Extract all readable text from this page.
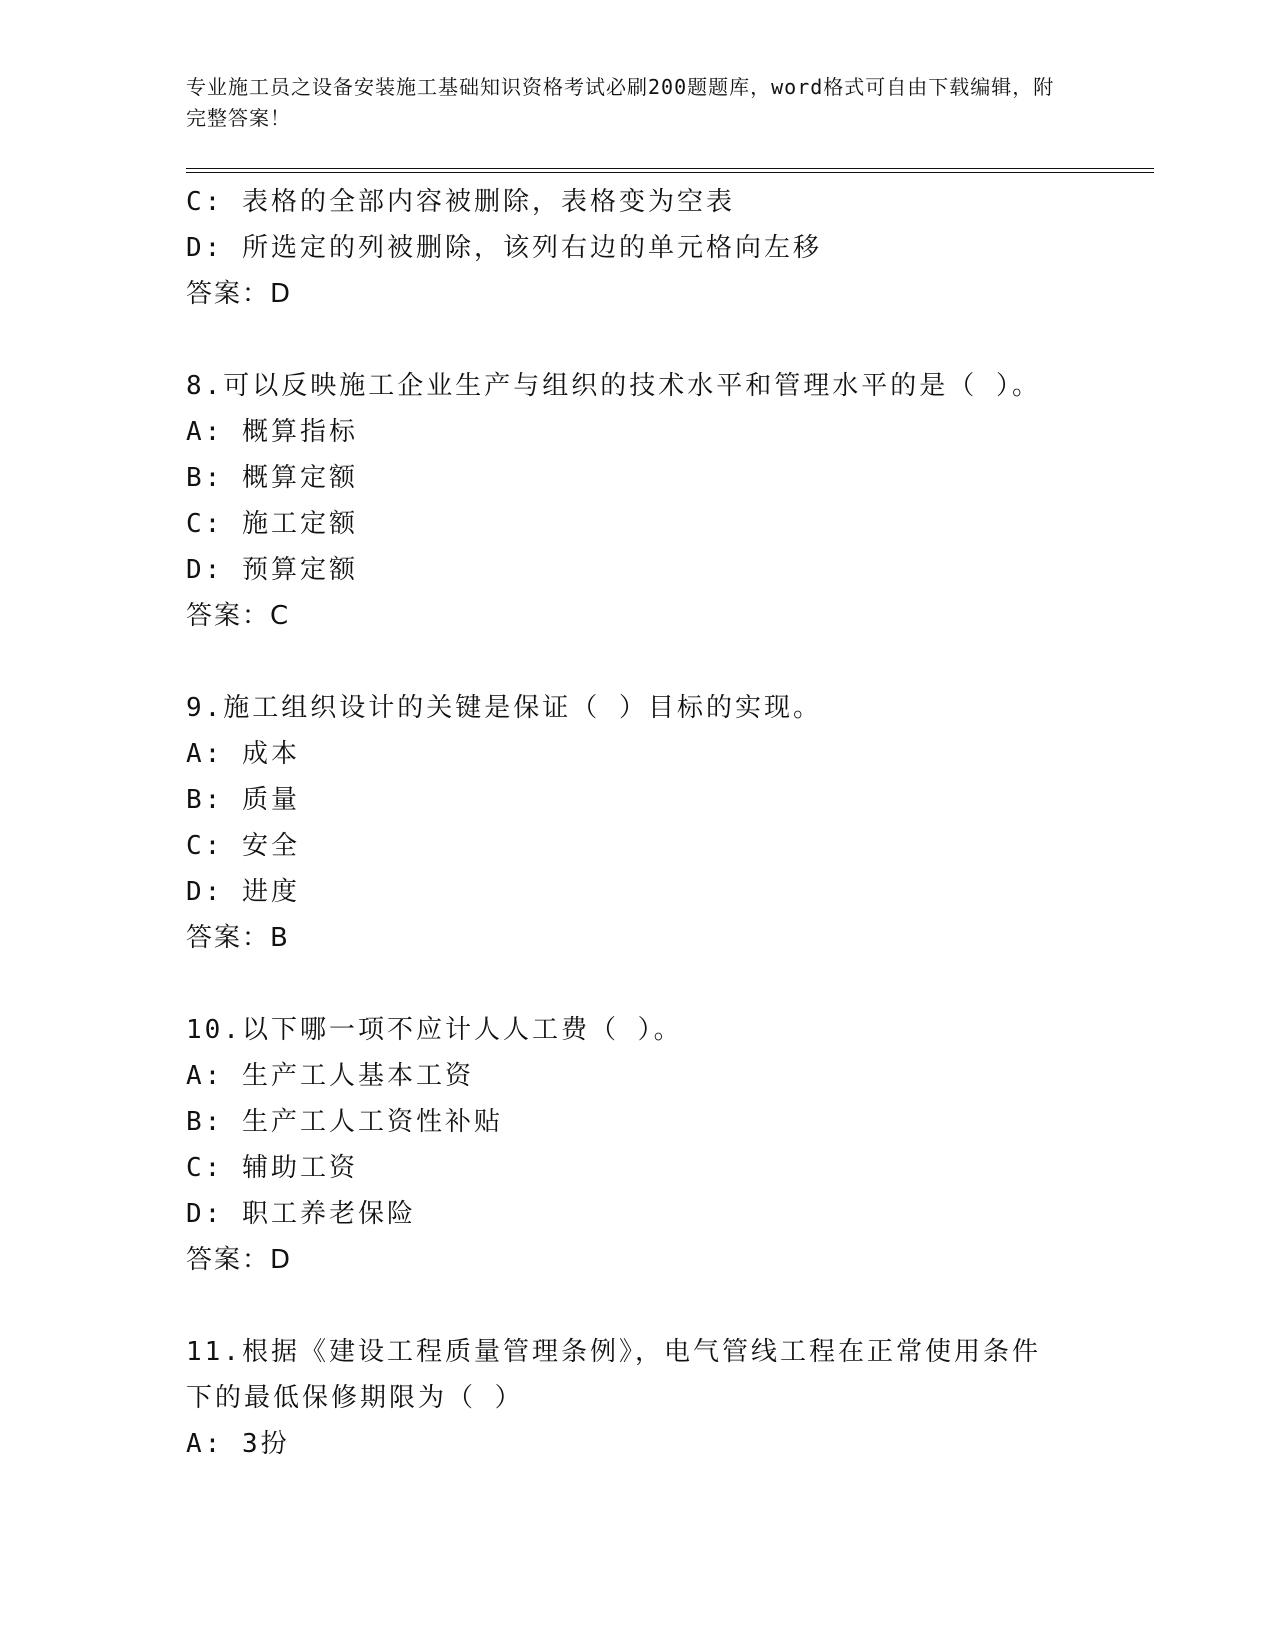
专业施工员之设备安装施工基础知识资格考试必刷200题题库，word格式可自由下载编辑，附完整答案！
C: 表格的全部内容被删除，表格变为空表
D: 所选定的列被删除，该列右边的单元格向左移
答案：D
8.可以反映施工企业生产与组织的技术水平和管理水平的是（ ）。
A: 概算指标
B: 概算定额
C: 施工定额
D: 预算定额
答案：C
9.施工组织设计的关键是保证（ ）目标的实现。
A: 成本
B: 质量
C: 安全
D: 进度
答案：B
10.以下哪一项不应计人人工费（ ）。
A: 生产工人基本工资
B: 生产工人工资性补贴
C: 辅助工资
D: 职工养老保险
答案：D
11.根据《建设工程质量管理条例》，电气管线工程在正常使用条件下的最低保修期限为（ ）
A: 3扮
